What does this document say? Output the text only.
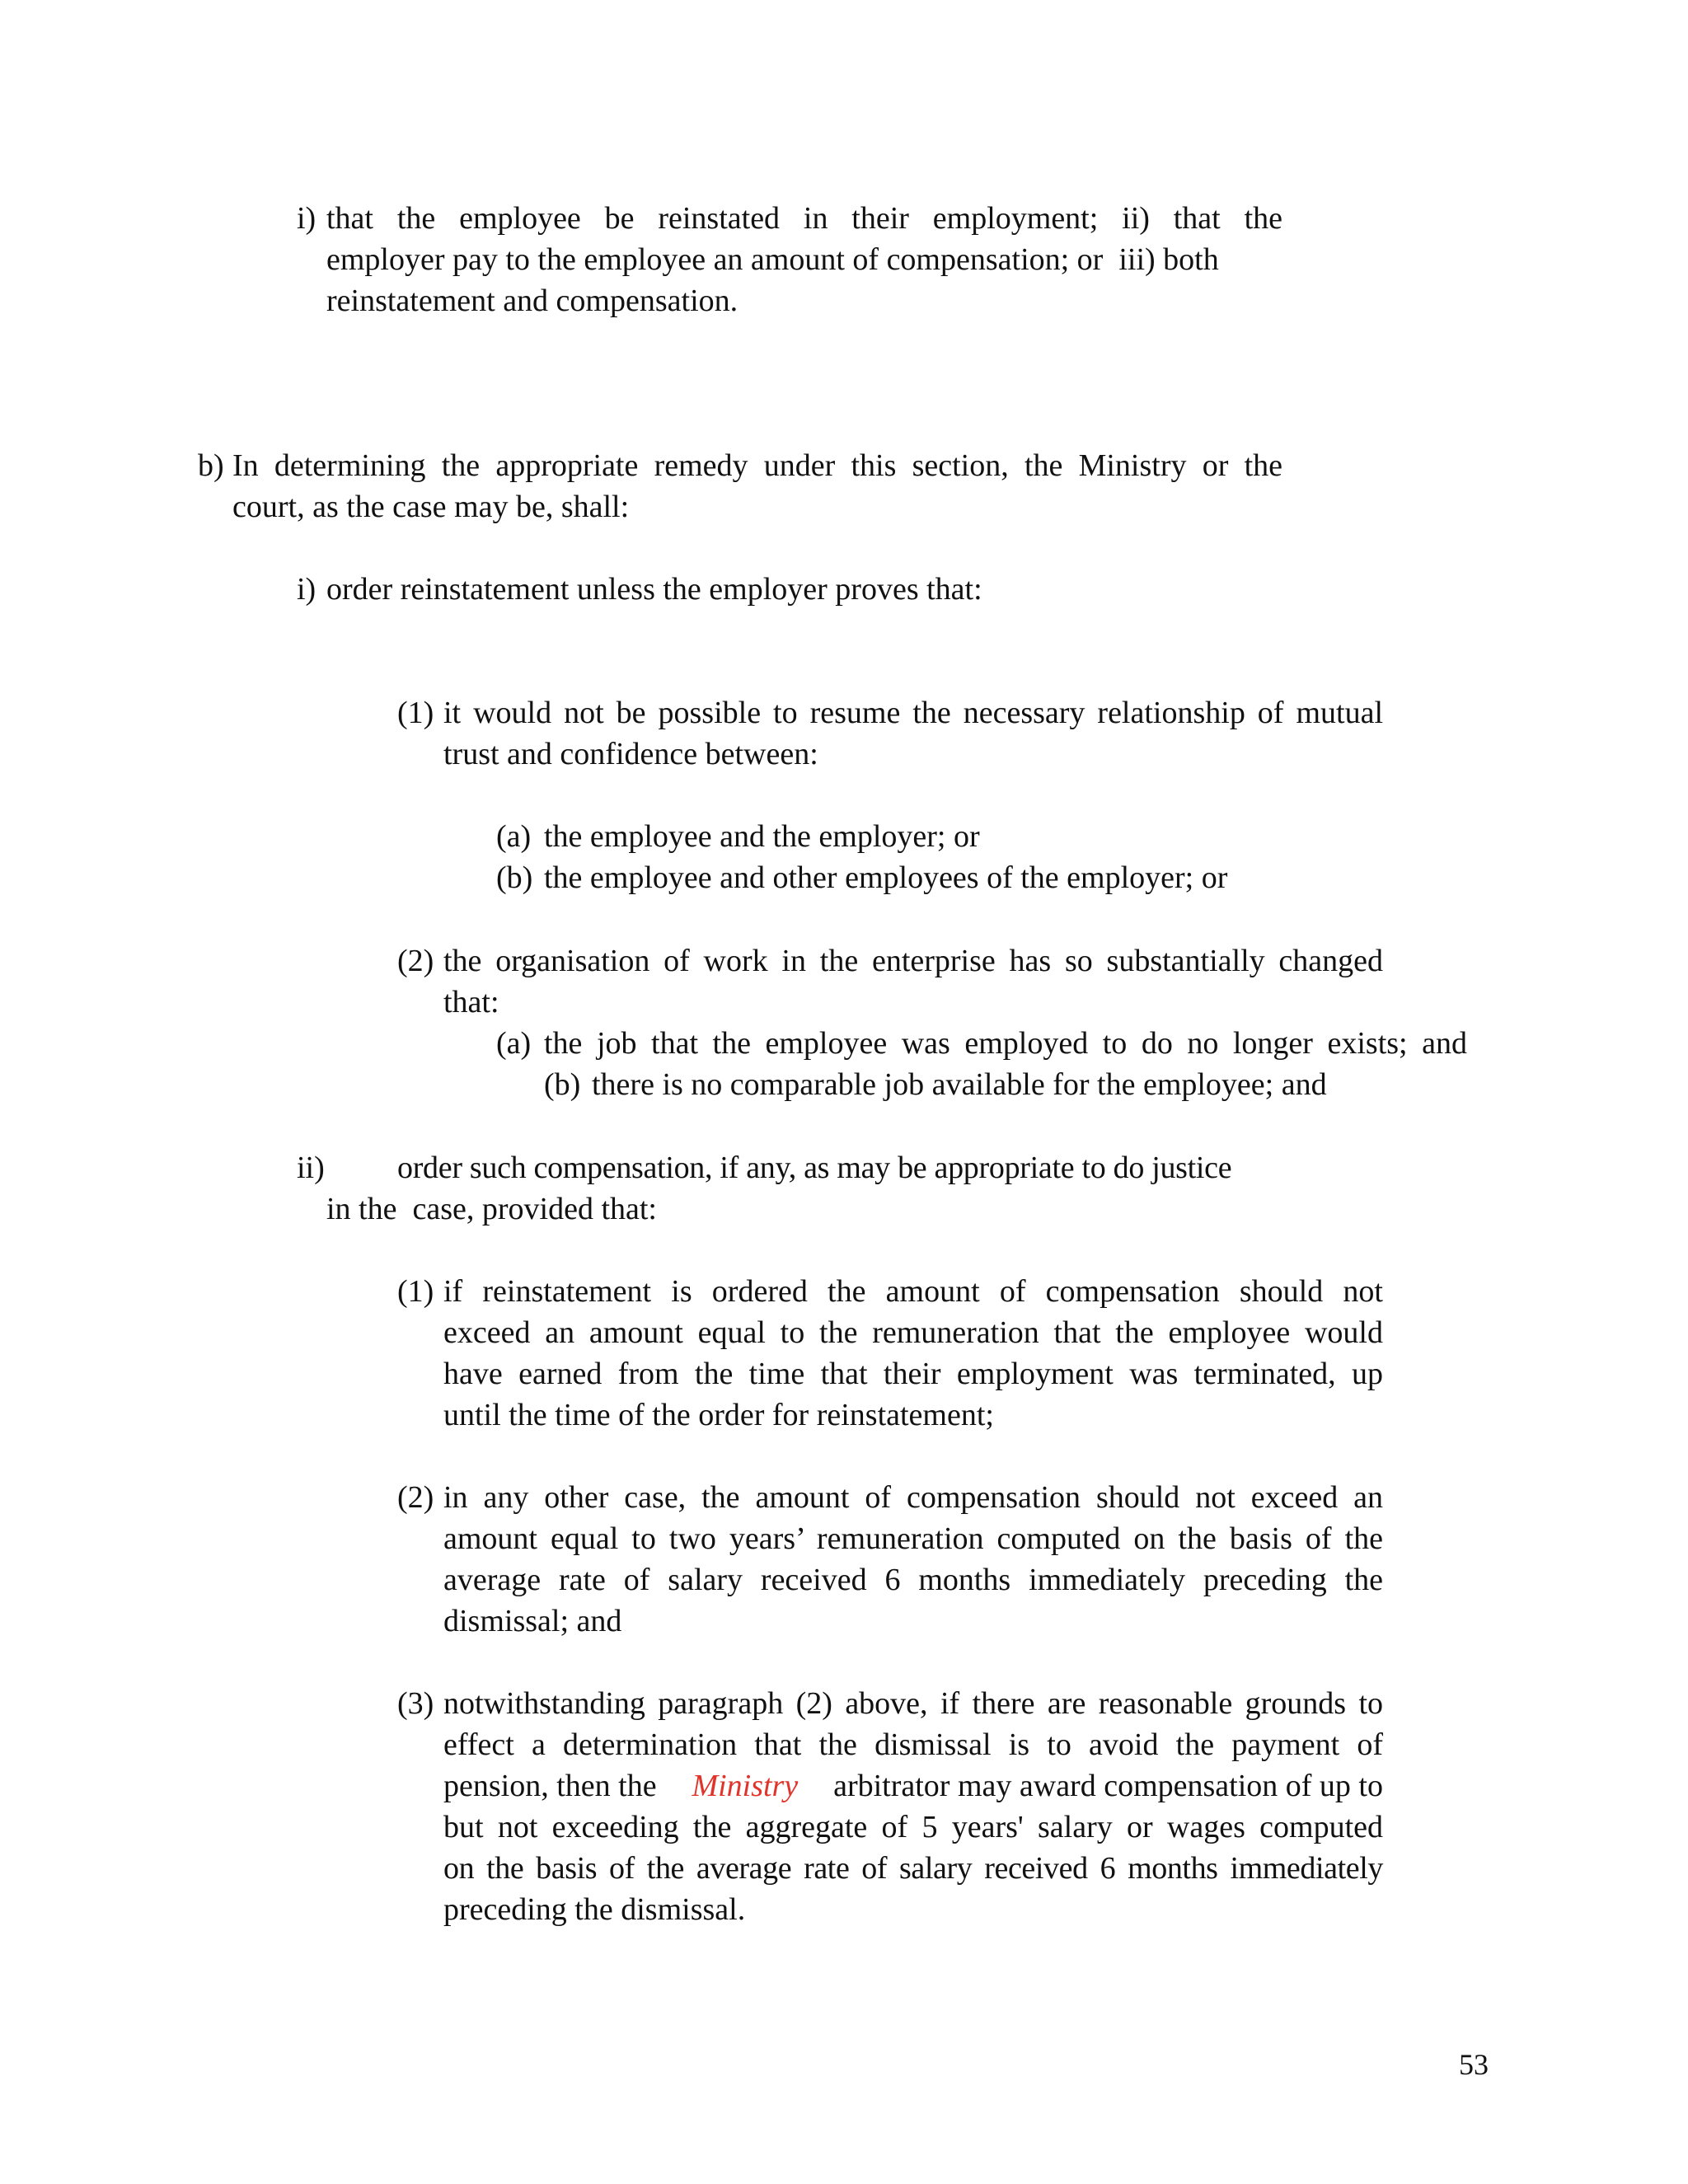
i) that the employee be reinstated in their employment; ii) that the
employer pay to the employee an amount of compensation; or  iii) both
reinstatement and compensation.
b) In determining the appropriate remedy under this section, the Ministry or the
court, as the case may be, shall:
i) order reinstatement unless the employer proves that:
(1) it would not be possible to resume the necessary relationship of mutual
trust and confidence between:
(a) the employee and the employer; or
(b) the employee and other employees of the employer; or
(2) the organisation of work in the enterprise has so substantially changed
that:
(a) the job that the employee was employed to do no longer exists; and
(b) there is no comparable job available for the employee; and
ii) order such compensation, if any, as may be appropriate to do justice
in the  case, provided that:
(1) if reinstatement is ordered the amount of compensation should not
exceed an amount equal to the remuneration that the employee would
have earned from the time that their employment was terminated, up
until the time of the order for reinstatement;
(2) in any other case, the amount of compensation should not exceed an
amount equal to two years’ remuneration computed on the basis of the
average rate of salary received 6 months immediately preceding the
dismissal; and
(3) notwithstanding paragraph (2) above, if there are reasonable grounds to
effect a determination that the dismissal is to avoid the payment of
pension, then the Ministry arbitrator may award compensation of up to
but not exceeding the aggregate of 5 years' salary or wages computed
on the basis of the average rate of salary received 6 months immediately
preceding the dismissal.
53
